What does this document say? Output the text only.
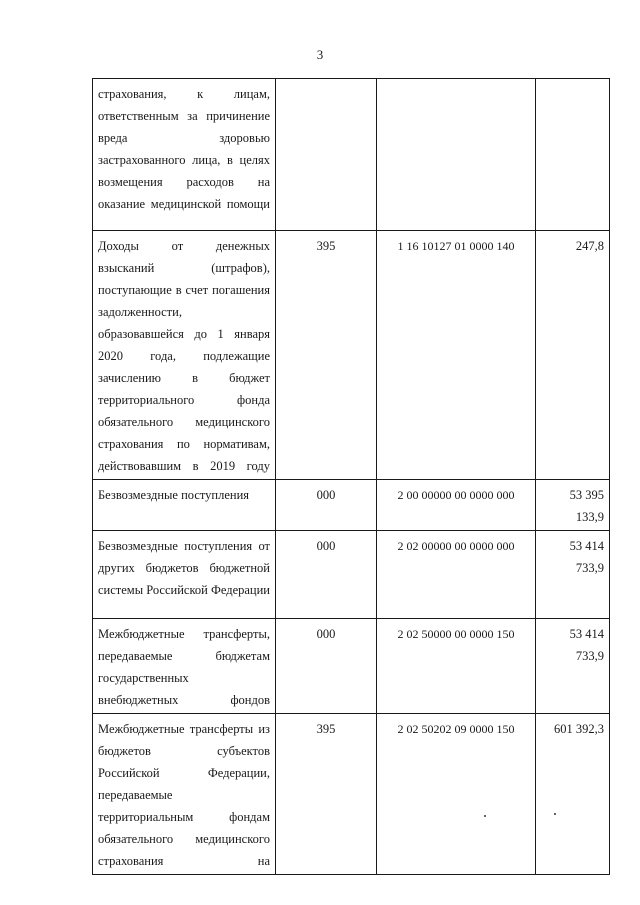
3
страхования, к лицам, ответственным за причинение вреда здоровью застрахованного лица, в целях возмещения расходов на оказание медицинской помощи			
Доходы от денежных взысканий (штрафов), поступающие в счет погашения задолженности, образовавшейся до 1 января 2020 года, подлежащие зачислению в бюджет территориального фонда обязательного медицинского страхования по нормативам, действовавшим в 2019 году	395	1 16 10127 01 0000 140	247,8
Безвозмездные поступления	000	2 00 00000 00 0000 000	53 395 133,9
Безвозмездные поступления от других бюджетов бюджетной системы Российской Федерации	000	2 02 00000 00 0000 000	53 414 733,9
Межбюджетные трансферты, передаваемые бюджетам государственных внебюджетных фондов	000	2 02 50000 00 0000 150	53 414 733,9
Межбюджетные трансферты из бюджетов субъектов Российской Федерации, передаваемые территориальным фондам обязательного медицинского страхования на	395	2 02 50202 09 0000 150	601 392,3
